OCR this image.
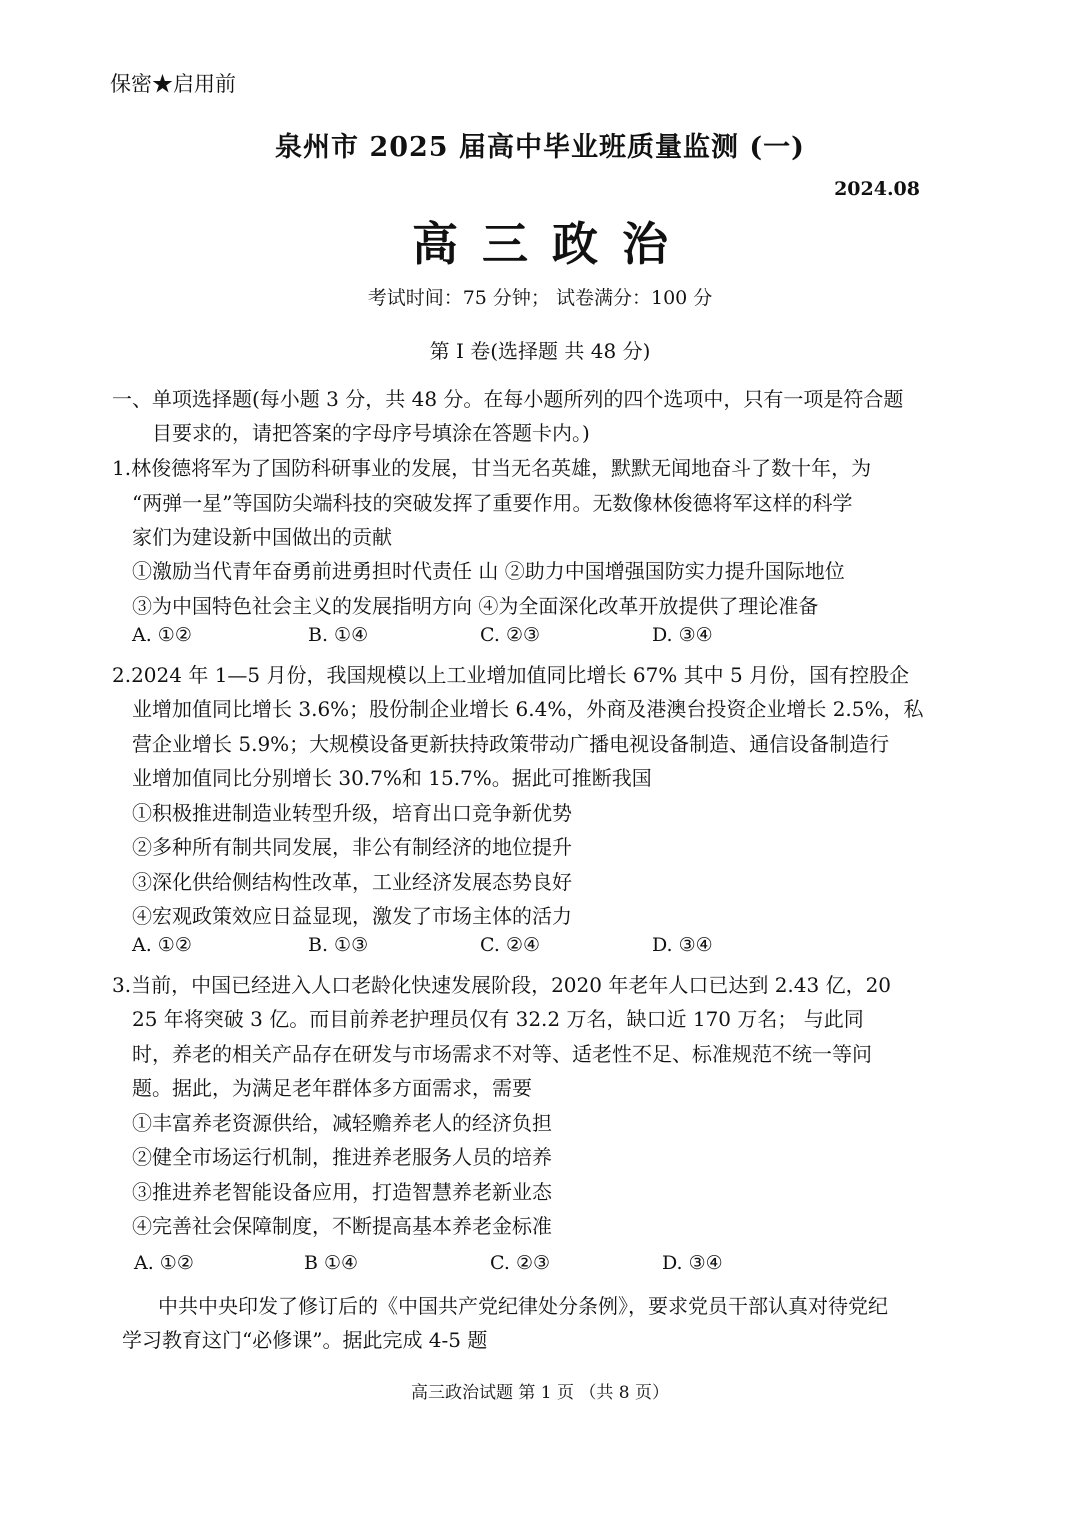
保密★启用前
泉州市 2025 届高中毕业班质量监测 (一)
2024.08
高三政治
考试时间：75 分钟； 试卷满分：100 分
第 I 卷(选择题 共 48 分)
一、单项选择题(每小题 3 分，共 48 分。在每小题所列的四个选项中，只有一项是符合题
目要求的，请把答案的字母序号填涂在答题卡内。)
1.林俊德将军为了国防科研事业的发展，甘当无名英雄，默默无闻地奋斗了数十年，为
“两弹一星”等国防尖端科技的突破发挥了重要作用。无数像林俊德将军这样的科学
家们为建设新中国做出的贡献
①激励当代青年奋勇前进勇担时代责任 山 ②助力中国增强国防实力提升国际地位
③为中国特色社会主义的发展指明方向 ④为全面深化改革开放提供了理论准备
A. ①②	B. ①④	C. ②③	D. ③④
2.2024 年 1—5 月份，我国规模以上工业增加值同比增长 67% 其中 5 月份，国有控股企
业增加值同比增长 3.6%；股份制企业增长 6.4%，外商及港澳台投资企业增长 2.5%，私
营企业增长 5.9%；大规模设备更新扶持政策带动广播电视设备制造、通信设备制造行
业增加值同比分别增长 30.7%和 15.7%。据此可推断我国
①积极推进制造业转型升级，培育出口竞争新优势
②多种所有制共同发展，非公有制经济的地位提升
③深化供给侧结构性改革，工业经济发展态势良好
④宏观政策效应日益显现，激发了市场主体的活力
A. ①②	B. ①③	C. ②④	D. ③④
3.当前，中国已经进入人口老龄化快速发展阶段，2020 年老年人口已达到 2.43 亿，20
25 年将突破 3 亿。而目前养老护理员仅有 32.2 万名，缺口近 170 万名； 与此同
时，养老的相关产品存在研发与市场需求不对等、适老性不足、标准规范不统一等问
题。据此，为满足老年群体多方面需求，需要
①丰富养老资源供给，减轻赡养老人的经济负担
②健全市场运行机制，推进养老服务人员的培养
③推进养老智能设备应用，打造智慧养老新业态
④完善社会保障制度，不断提高基本养老金标准
A. ①②	B ①④	C. ②③	D. ③④
中共中央印发了修订后的《中国共产党纪律处分条例》，要求党员干部认真对待党纪
学习教育这门“必修课”。据此完成 4-5 题
高三政治试题 第 1 页 （共 8 页）
